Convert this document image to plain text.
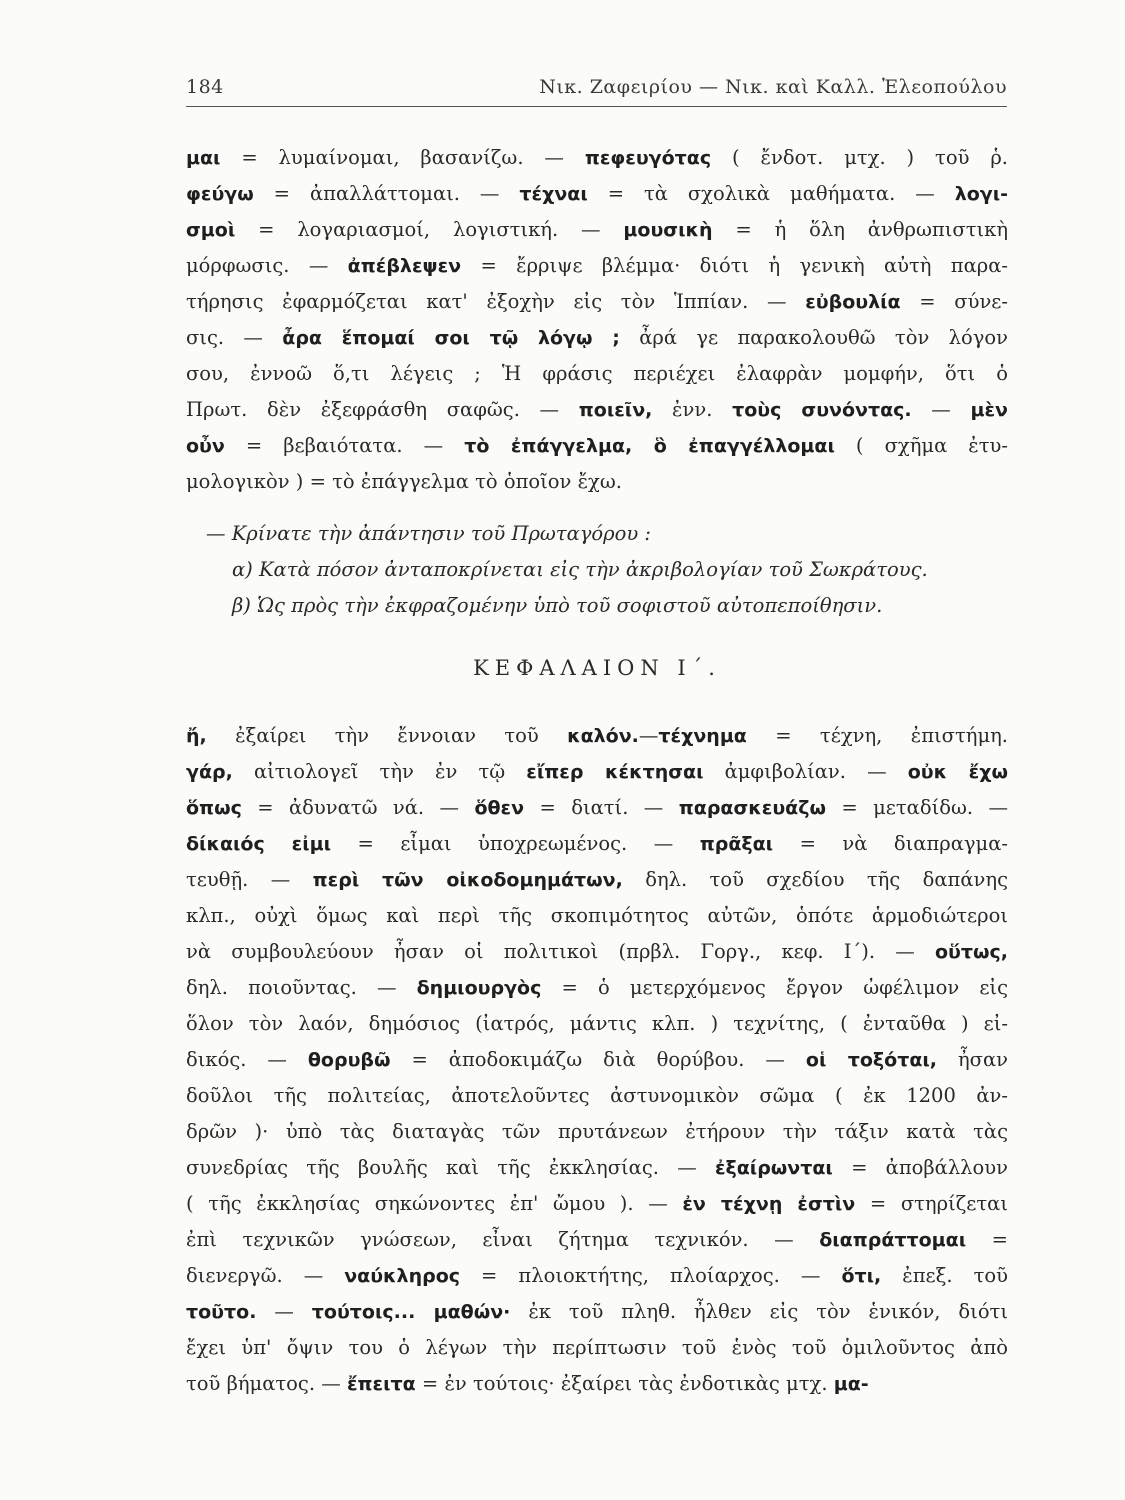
184	Νικ. Ζαφειρίου — Νικ. καὶ Καλλ. Ἐλεοπούλου
μαι = λυμαίνομαι, βασανίζω. — πεφευγότας ( ἔνδοτ. μτχ. ) τοῦ ῥ.
φεύγω = ἀπαλλάττομαι. — τέχναι = τὰ σχολικὰ μαθήματα. — λογι-
σμοὶ = λογαριασμοί, λογιστική. — μουσικὴ = ἡ ὅλη ἀνθρωπιστικὴ
μόρφωσις. — ἀπέβλεψεν = ἔρριψε βλέμμα· διότι ἡ γενικὴ αὐτὴ παρα-
τήρησις ἐφαρμόζεται κατ' ἐξοχὴν εἰς τὸν Ἱππίαν. — εὐβουλία = σύνε-
σις. — ἆρα ἕπομαί σοι τῷ λόγῳ ; ἆρά γε παρακολουθῶ τὸν λόγον
σου, ἐννοῶ ὅ,τι λέγεις ; Ἡ φράσις περιέχει ἐλαφρὰν μομφήν, ὅτι ὁ
Πρωτ. δὲν ἐξεφράσθη σαφῶς. — ποιεῖν, ἐνν. τοὺς συνόντας. — μὲν
οὖν = βεβαιότατα. — τὸ ἐπάγγελμα, ὃ ἐπαγγέλλομαι ( σχῆμα ἐτυ-
μολογικὸν ) = τὸ ἐπάγγελμα τὸ ὁποῖον ἔχω.
— Κρίνατε τὴν ἀπάντησιν τοῦ Πρωταγόρου :
α) Κατὰ πόσον ἀνταποκρίνεται εἰς τὴν ἀκριβολογίαν τοῦ Σωκράτους.
β) Ὡς πρὸς τὴν ἐκφραζομένην ὑπὸ τοῦ σοφιστοῦ αὐτοπεποίθησιν.
ΚΕΦΑΛΑΙΟΝ Ι΄.
ἤ, ἐξαίρει τὴν ἔννοιαν τοῦ καλόν.—τέχνημα = τέχνη, ἐπιστήμη.
γάρ, αἰτιολογεῖ τὴν ἐν τῷ εἴπερ κέκτησαι ἀμφιβολίαν. — οὐκ ἔχω
ὅπως = ἀδυνατῶ νά. — ὅθεν = διατί. — παρασκευάζω = μεταδίδω. —
δίκαιός εἰμι = εἶμαι ὑποχρεωμένος. — πρᾶξαι = νὰ διαπραγμα-
τευθῇ. — περὶ τῶν οἰκοδομημάτων, δηλ. τοῦ σχεδίου τῆς δαπάνης
κλπ., οὐχὶ ὅμως καὶ περὶ τῆς σκοπιμότητος αὐτῶν, ὁπότε ἁρμοδιώτεροι
νὰ συμβουλεύουν ἦσαν οἱ πολιτικοὶ (πρβλ. Γοργ., κεφ. Ι΄). — οὕτως,
δηλ. ποιοῦντας. — δημιουργὸς = ὁ μετερχόμενος ἔργον ὠφέλιμον εἰς
ὅλον τὸν λαόν, δημόσιος (ἰατρός, μάντις κλπ. ) τεχνίτης, ( ἐνταῦθα ) εἰ-
δικός. — θορυβῶ = ἀποδοκιμάζω διὰ θορύβου. — οἱ τοξόται, ἦσαν
δοῦλοι τῆς πολιτείας, ἀποτελοῦντες ἀστυνομικὸν σῶμα ( ἐκ 1200 ἀν-
δρῶν )· ὑπὸ τὰς διαταγὰς τῶν πρυτάνεων ἐτήρουν τὴν τάξιν κατὰ τὰς
συνεδρίας τῆς βουλῆς καὶ τῆς ἐκκλησίας. — ἐξαίρωνται = ἀποβάλλουν
( τῆς ἐκκλησίας σηκώνοντες ἐπ' ὤμου ). — ἐν τέχνῃ ἐστὶν = στηρίζεται
ἐπὶ τεχνικῶν γνώσεων, εἶναι ζήτημα τεχνικόν. — διαπράττομαι =
διενεργῶ. — ναύκληρος = πλοιοκτήτης, πλοίαρχος. — ὅτι, ἐπεξ. τοῦ
τοῦτο. — τούτοις... μαθών· ἐκ τοῦ πληθ. ἦλθεν εἰς τὸν ἑνικόν, διότι
ἔχει ὑπ' ὄψιν του ὁ λέγων τὴν περίπτωσιν τοῦ ἑνὸς τοῦ ὁμιλοῦντος ἀπὸ
τοῦ βήματος. — ἔπειτα = ἐν τούτοις· ἐξαίρει τὰς ἐνδοτικὰς μτχ. μα-
